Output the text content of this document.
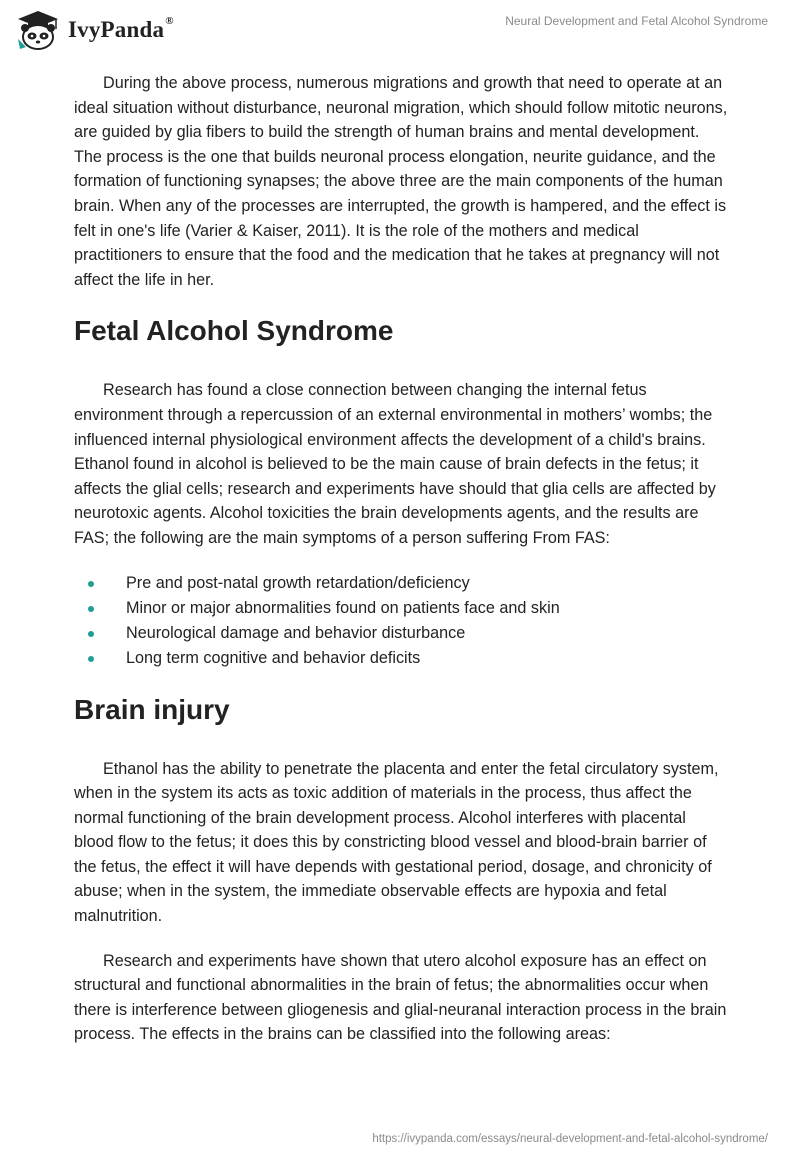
IvyPanda®	Neural Development and Fetal Alcohol Syndrome

During the above process, numerous migrations and growth that need to operate at an ideal situation without disturbance, neuronal migration, which should follow mitotic neurons, are guided by glia fibers to build the strength of human brains and mental development. The process is the one that builds neuronal process elongation, neurite guidance, and the formation of functioning synapses; the above three are the main components of the human brain. When any of the processes are interrupted, the growth is hampered, and the effect is felt in one's life (Varier & Kaiser, 2011). It is the role of the mothers and medical practitioners to ensure that the food and the medication that he takes at pregnancy will not affect the life in her.

Fetal Alcohol Syndrome

Research has found a close connection between changing the internal fetus environment through a repercussion of an external environmental in mothers’ wombs; the influenced internal physiological environment affects the development of a child's brains. Ethanol found in alcohol is believed to be the main cause of brain defects in the fetus; it affects the glial cells; research and experiments have should that glia cells are affected by neurotoxic agents. Alcohol toxicities the brain developments agents, and the results are FAS; the following are the main symptoms of a person suffering From FAS:

Pre and post-natal growth retardation/deficiency
Minor or major abnormalities found on patients face and skin
Neurological damage and behavior disturbance
Long term cognitive and behavior deficits
Brain injury

Ethanol has the ability to penetrate the placenta and enter the fetal circulatory system, when in the system its acts as toxic addition of materials in the process, thus affect the normal functioning of the brain development process. Alcohol interferes with placental blood flow to the fetus; it does this by constricting blood vessel and blood-brain barrier of the fetus, the effect it will have depends with gestational period, dosage, and chronicity of abuse; when in the system, the immediate observable effects are hypoxia and fetal malnutrition.

Research and experiments have shown that utero alcohol exposure has an effect on structural and functional abnormalities in the brain of fetus; the abnormalities occur when there is interference between gliogenesis and glial-neuranal interaction process in the brain process. The effects in the brains can be classified into the following areas:

https://ivypanda.com/essays/neural-development-and-fetal-alcohol-syndrome/
